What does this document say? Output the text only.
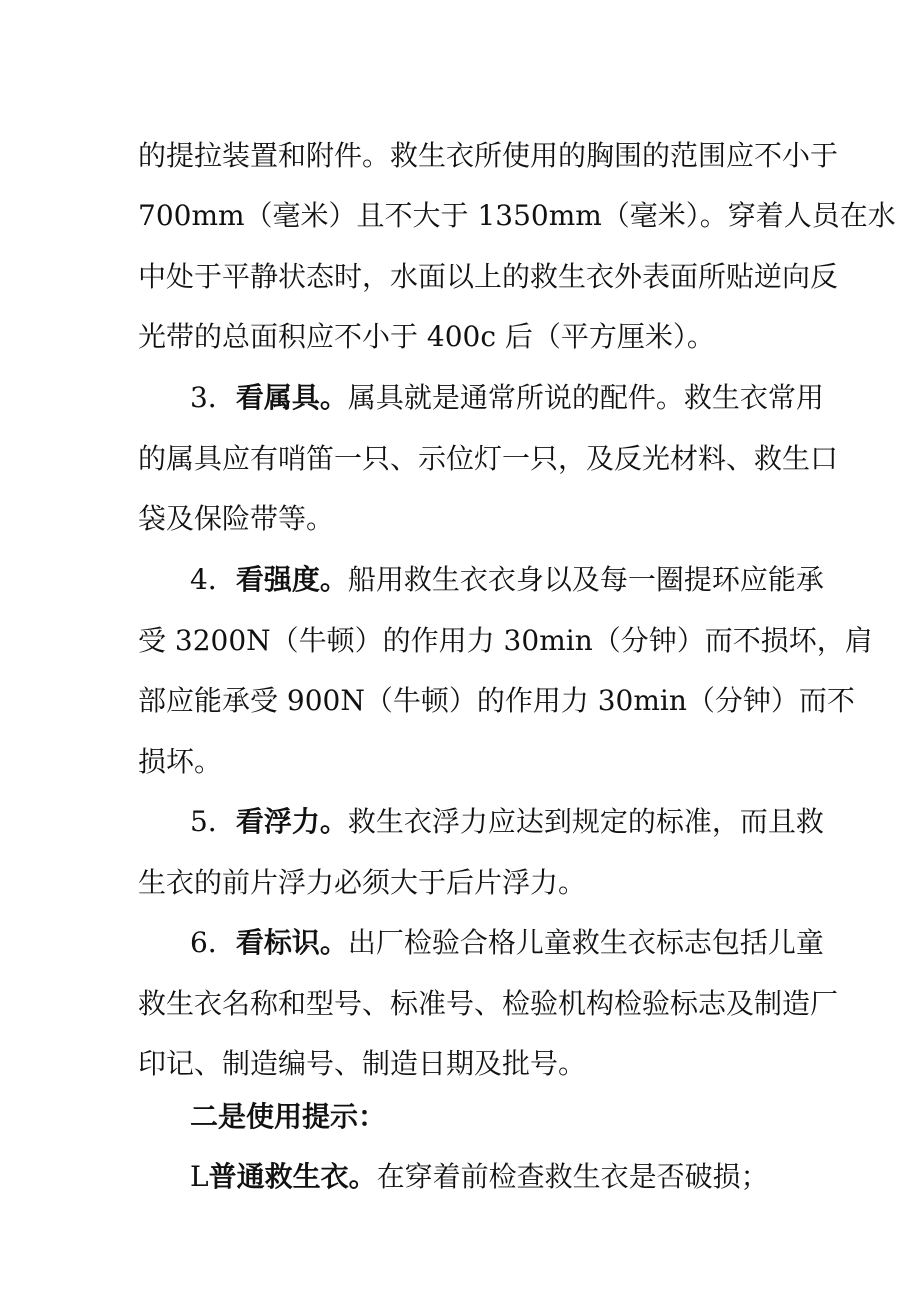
的提拉装置和附件。救生衣所使用的胸围的范围应不小于

700mm（毫米）且不大于 1350mm（毫米）。穿着人员在水

中处于平静状态时，水面以上的救生衣外表面所贴逆向反

光带的总面积应不小于 400c 后（平方厘米）。

3．看属具。属具就是通常所说的配件。救生衣常用

的属具应有哨笛一只、示位灯一只，及反光材料、救生口

袋及保险带等。

4．看强度。船用救生衣衣身以及每一圈提环应能承

受 3200N（牛顿）的作用力 30min（分钟）而不损坏，肩

部应能承受 900N（牛顿）的作用力 30min（分钟）而不

损坏。

5．看浮力。救生衣浮力应达到规定的标准，而且救

生衣的前片浮力必须大于后片浮力。

6．看标识。出厂检验合格儿童救生衣标志包括儿童

救生衣名称和型号、标准号、检验机构检验标志及制造厂

印记、制造编号、制造日期及批号。

二是使用提示：

L普通救生衣。在穿着前检查救生衣是否破损；
